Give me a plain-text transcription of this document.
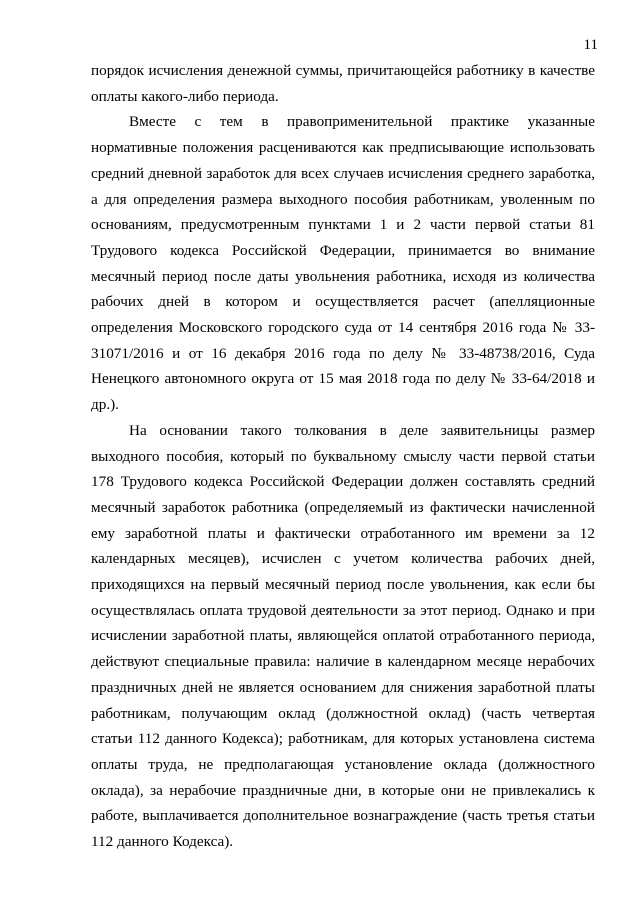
11

порядок исчисления денежной суммы, причитающейся работнику в качестве оплаты какого-либо периода.

Вместе с тем в правоприменительной практике указанные нормативные положения расцениваются как предписывающие использовать средний дневной заработок для всех случаев исчисления среднего заработка, а для определения размера выходного пособия работникам, уволенным по основаниям, предусмотренным пунктами 1 и 2 части первой статьи 81 Трудового кодекса Российской Федерации, принимается во внимание месячный период после даты увольнения работника, исходя из количества рабочих дней в котором и осуществляется расчет (апелляционные определения Московского городского суда от 14 сентября 2016 года № 33-31071/2016 и от 16 декабря 2016 года по делу № 33-48738/2016, Суда Ненецкого автономного округа от 15 мая 2018 года по делу № 33-64/2018 и др.).

На основании такого толкования в деле заявительницы размер выходного пособия, который по буквальному смыслу части первой статьи 178 Трудового кодекса Российской Федерации должен составлять средний месячный заработок работника (определяемый из фактически начисленной ему заработной платы и фактически отработанного им времени за 12 календарных месяцев), исчислен с учетом количества рабочих дней, приходящихся на первый месячный период после увольнения, как если бы осуществлялась оплата трудовой деятельности за этот период. Однако и при исчислении заработной платы, являющейся оплатой отработанного периода, действуют специальные правила: наличие в календарном месяце нерабочих праздничных дней не является основанием для снижения заработной платы работникам, получающим оклад (должностной оклад) (часть четвертая статьи 112 данного Кодекса); работникам, для которых установлена система оплаты труда, не предполагающая установление оклада (должностного оклада), за нерабочие праздничные дни, в которые они не привлекались к работе, выплачивается дополнительное вознаграждение (часть третья статьи 112 данного Кодекса).
